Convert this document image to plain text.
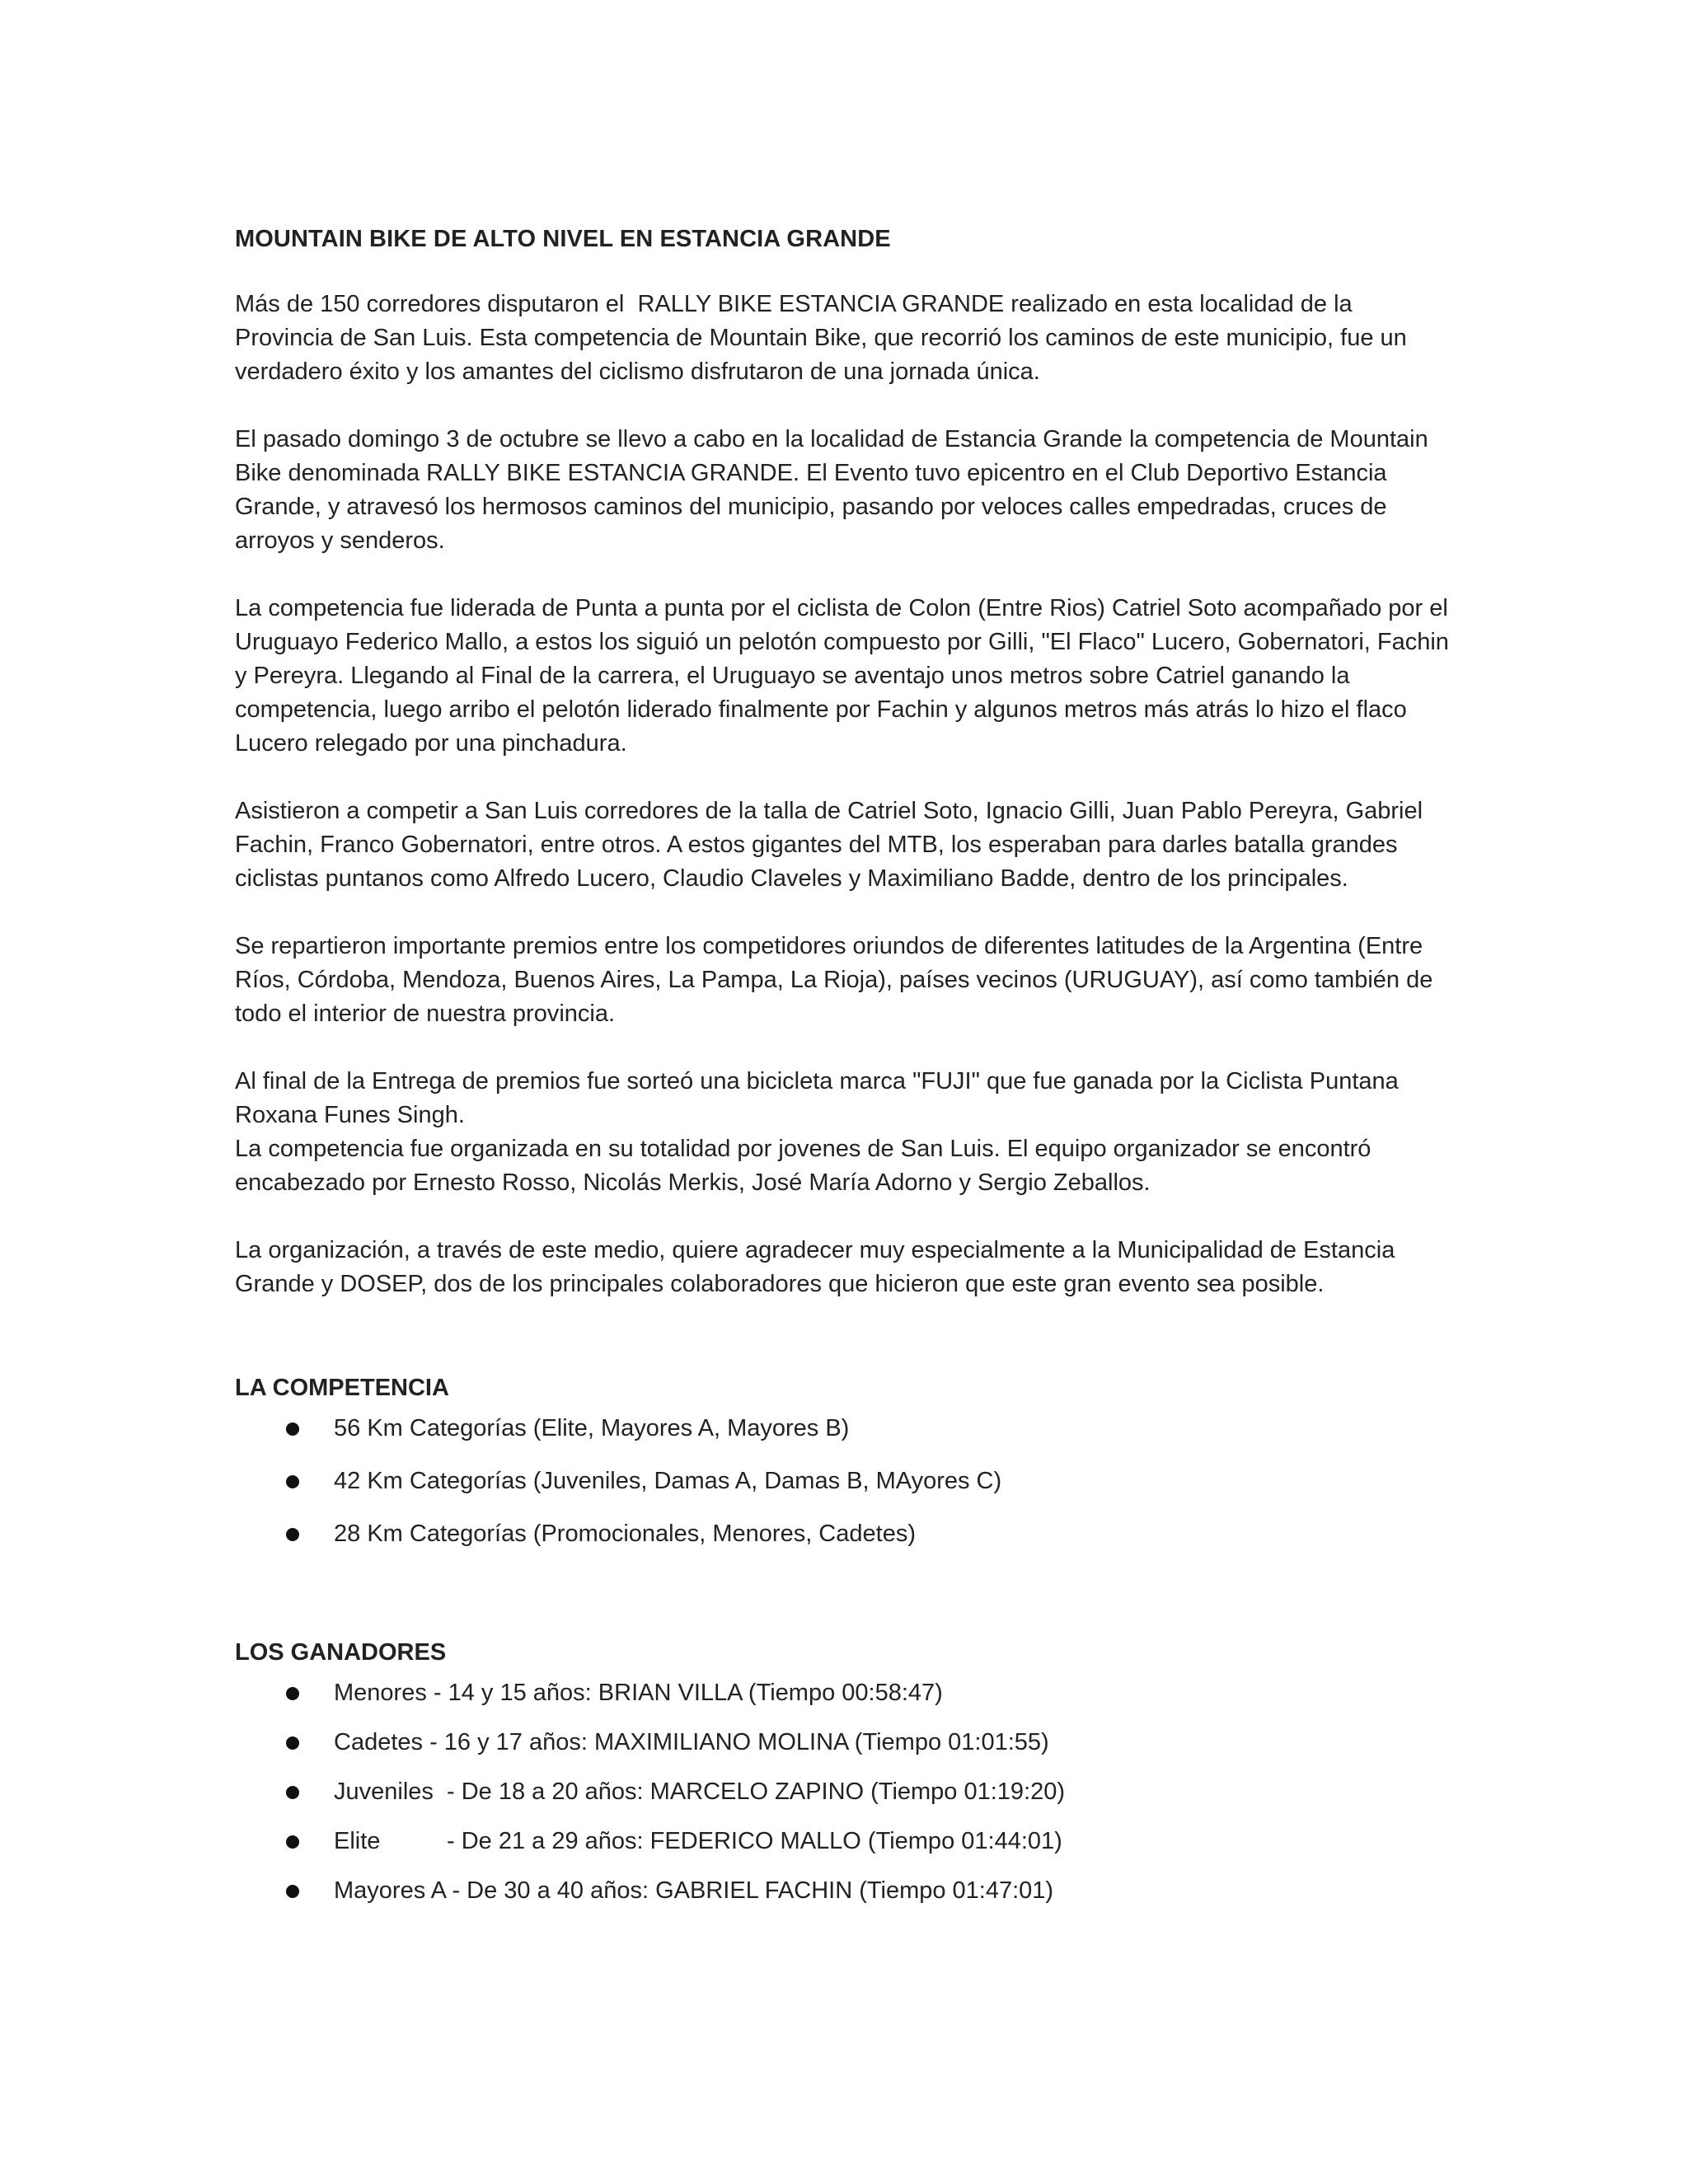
MOUNTAIN BIKE DE ALTO NIVEL EN ESTANCIA GRANDE
Más de 150 corredores disputaron el  RALLY BIKE ESTANCIA GRANDE realizado en esta localidad de la Provincia de San Luis. Esta competencia de Mountain Bike, que recorrió los caminos de este municipio, fue un verdadero éxito y los amantes del ciclismo disfrutaron de una jornada única.
El pasado domingo 3 de octubre se llevo a cabo en la localidad de Estancia Grande la competencia de Mountain Bike denominada RALLY BIKE ESTANCIA GRANDE. El Evento tuvo epicentro en el Club Deportivo Estancia Grande, y atravesó los hermosos caminos del municipio, pasando por veloces calles empedradas, cruces de arroyos y senderos.
La competencia fue liderada de Punta a punta por el ciclista de Colon (Entre Rios) Catriel Soto acompañado por el Uruguayo Federico Mallo, a estos los siguió un pelotón compuesto por Gilli, "El Flaco" Lucero, Gobernatori, Fachin y Pereyra. Llegando al Final de la carrera, el Uruguayo se aventajo unos metros sobre Catriel ganando la competencia, luego arribo el pelotón liderado finalmente por Fachin y algunos metros más atrás lo hizo el flaco Lucero relegado por una pinchadura.
Asistieron a competir a San Luis corredores de la talla de Catriel Soto, Ignacio Gilli, Juan Pablo Pereyra, Gabriel Fachin, Franco Gobernatori, entre otros. A estos gigantes del MTB, los esperaban para darles batalla grandes ciclistas puntanos como Alfredo Lucero, Claudio Claveles y Maximiliano Badde, dentro de los principales.
Se repartieron importante premios entre los competidores oriundos de diferentes latitudes de la Argentina (Entre Ríos, Córdoba, Mendoza, Buenos Aires, La Pampa, La Rioja), países vecinos (URUGUAY), así como también de todo el interior de nuestra provincia.
Al final de la Entrega de premios fue sorteó una bicicleta marca "FUJI" que fue ganada por la Ciclista Puntana Roxana Funes Singh.
La competencia fue organizada en su totalidad por jovenes de San Luis. El equipo organizador se encontró encabezado por Ernesto Rosso, Nicolás Merkis, José María Adorno y Sergio Zeballos.
La organización, a través de este medio, quiere agradecer muy especialmente a la Municipalidad de Estancia Grande y DOSEP, dos de los principales colaboradores que hicieron que este gran evento sea posible.
LA COMPETENCIA
56 Km Categorías (Elite, Mayores A, Mayores B)
42 Km Categorías (Juveniles, Damas A, Damas B, MAyores C)
28 Km Categorías (Promocionales, Menores, Cadetes)
LOS GANADORES
Menores - 14 y 15 años: BRIAN VILLA (Tiempo 00:58:47)
Cadetes - 16 y 17 años: MAXIMILIANO MOLINA (Tiempo 01:01:55)
Juveniles  - De 18 a 20 años: MARCELO ZAPINO (Tiempo 01:19:20)
Elite          - De 21 a 29 años: FEDERICO MALLO (Tiempo 01:44:01)
Mayores A - De 30 a 40 años: GABRIEL FACHIN (Tiempo 01:47:01)
